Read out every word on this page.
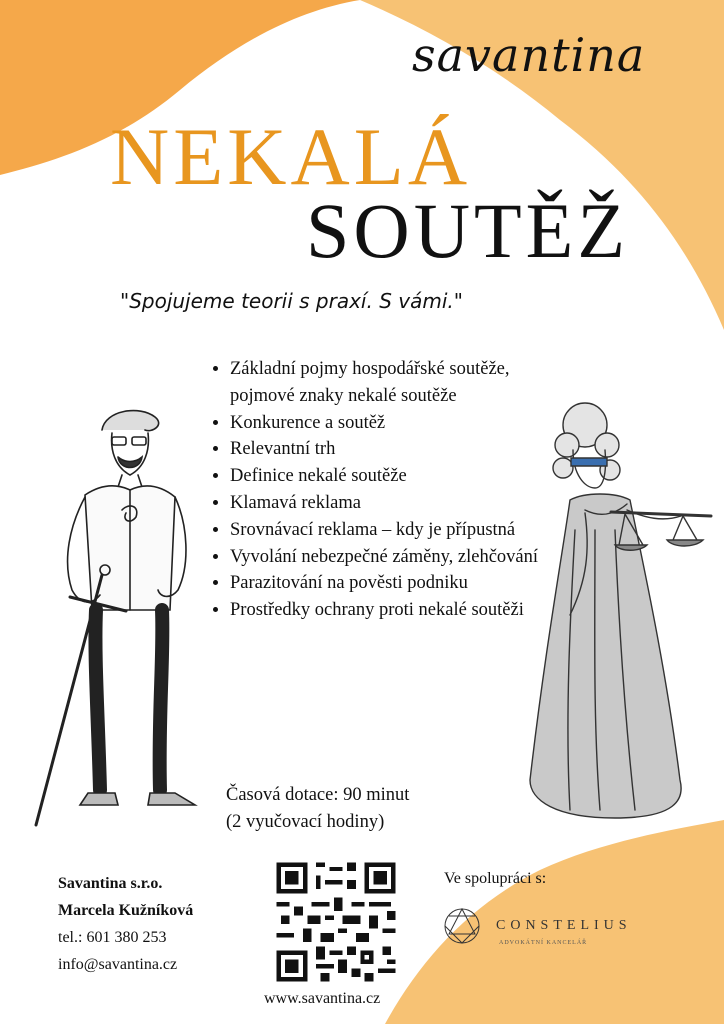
savantina
NEKALÁ
SOUTĚŽ
"Spojujeme teorii s praxí. S vámi."
• Základní pojmy hospodářské soutěže, pojmové znaky nekalé soutěže
• Konkurence a soutěž
• Relevantní trh
• Definice nekalé soutěže
• Klamavá reklama
• Srovnávací reklama – kdy je přípustná
• Vyvolání nebezpečné záměny, zlehčování
• Parazitování na pověsti podniku
• Prostředky ochrany proti nekalé soutěži
Časová dotace: 90 minut
(2 vyučovací hodiny)
Savantina s.r.o.
Marcela Kužníková
tel.: 601 380 253
info@savantina.cz
www.savantina.cz
Ve spolupráci s:
CONSTELIUS
ADVOKÁTNÍ KANCELÁŘ
